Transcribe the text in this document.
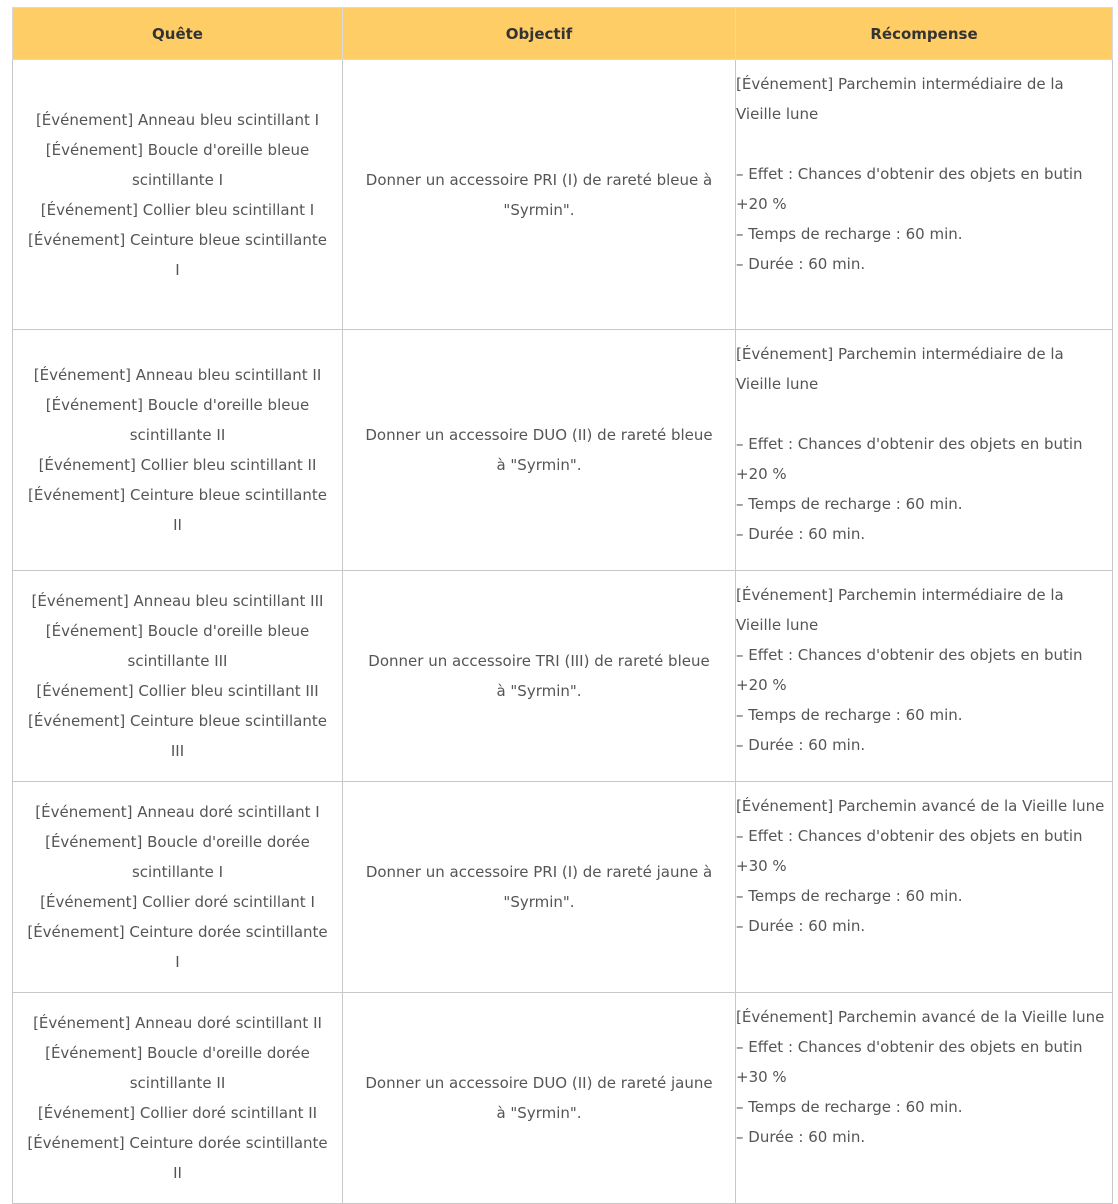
Quête	Objectif	Récompense

[Événement] Anneau bleu scintillant I
[Événement] Boucle d'oreille bleue scintillante I
[Événement] Collier bleu scintillant I
[Événement] Ceinture bleue scintillante I	Donner un accessoire PRI (I) de rareté bleue à "Syrmin".	[Événement] Parchemin intermédiaire de la Vieille lune
– Effet : Chances d'obtenir des objets en butin +20 %
– Temps de recharge : 60 min.
– Durée : 60 min.

[Événement] Anneau bleu scintillant II
[Événement] Boucle d'oreille bleue scintillante II
[Événement] Collier bleu scintillant II
[Événement] Ceinture bleue scintillante II	Donner un accessoire DUO (II) de rareté bleue à "Syrmin".	[Événement] Parchemin intermédiaire de la Vieille lune
– Effet : Chances d'obtenir des objets en butin +20 %
– Temps de recharge : 60 min.
– Durée : 60 min.

[Événement] Anneau bleu scintillant III
[Événement] Boucle d'oreille bleue scintillante III
[Événement] Collier bleu scintillant III
[Événement] Ceinture bleue scintillante III	Donner un accessoire TRI (III) de rareté bleue à "Syrmin".	[Événement] Parchemin intermédiaire de la Vieille lune
– Effet : Chances d'obtenir des objets en butin +20 %
– Temps de recharge : 60 min.
– Durée : 60 min.

[Événement] Anneau doré scintillant I
[Événement] Boucle d'oreille dorée scintillante I
[Événement] Collier doré scintillant I
[Événement] Ceinture dorée scintillante I	Donner un accessoire PRI (I) de rareté jaune à "Syrmin".	[Événement] Parchemin avancé de la Vieille lune
– Effet : Chances d'obtenir des objets en butin +30 %
– Temps de recharge : 60 min.
– Durée : 60 min.

[Événement] Anneau doré scintillant II
[Événement] Boucle d'oreille dorée scintillante II
[Événement] Collier doré scintillant II
[Événement] Ceinture dorée scintillante II	Donner un accessoire DUO (II) de rareté jaune à "Syrmin".	[Événement] Parchemin avancé de la Vieille lune
– Effet : Chances d'obtenir des objets en butin +30 %
– Temps de recharge : 60 min.
– Durée : 60 min.
